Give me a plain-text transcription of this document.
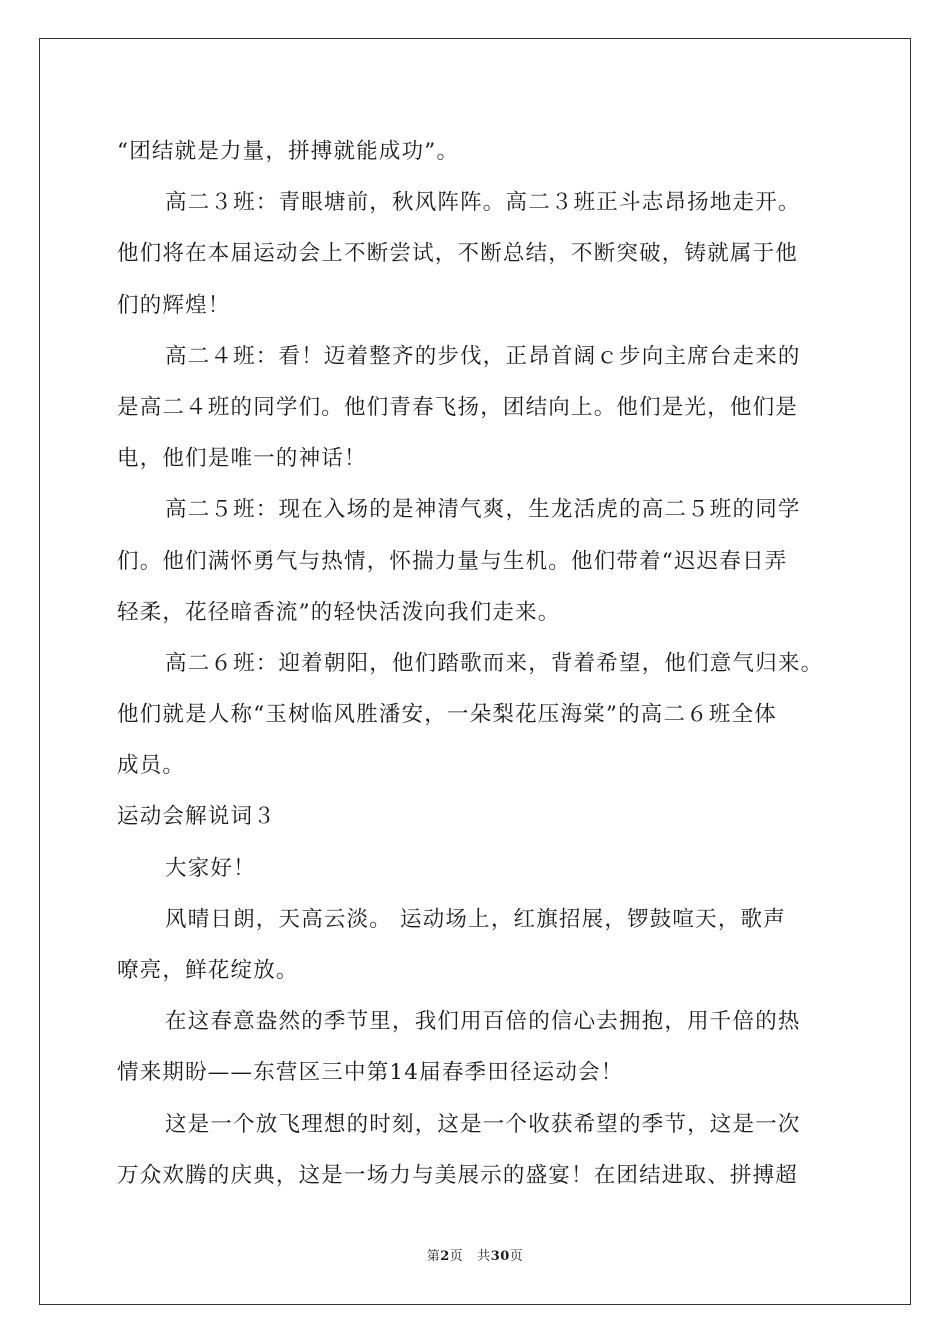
“团结就是力量，拼搏就能成功”。
高二３班：青眼塘前，秋风阵阵。高二３班正斗志昂扬地走开。
他们将在本届运动会上不断尝试，不断总结，不断突破，铸就属于他
们的辉煌！
高二４班：看！迈着整齐的步伐，正昂首阔ｃ步向主席台走来的
是高二４班的同学们。他们青春飞扬，团结向上。他们是光，他们是
电，他们是唯一的神话！
高二５班：现在入场的是神清气爽，生龙活虎的高二５班的同学
们。他们满怀勇气与热情，怀揣力量与生机。他们带着“迟迟春日弄
轻柔，花径暗香流”的轻快活泼向我们走来。
高二６班：迎着朝阳，他们踏歌而来，背着希望，他们意气归来。
他们就是人称“玉树临风胜潘安，一朵梨花压海棠”的高二６班全体
成员。
运动会解说词３
大家好！
风晴日朗，天高云淡。 运动场上，红旗招展，锣鼓喧天，歌声
嘹亮，鲜花绽放。
在这春意盎然的季节里，我们用百倍的信心去拥抱，用千倍的热
情来期盼——东营区三中第14届春季田径运动会！
这是一个放飞理想的时刻，这是一个收获希望的季节，这是一次
万众欢腾的庆典，这是一场力与美展示的盛宴！在团结进取、拼搏超
第2页 共30页
